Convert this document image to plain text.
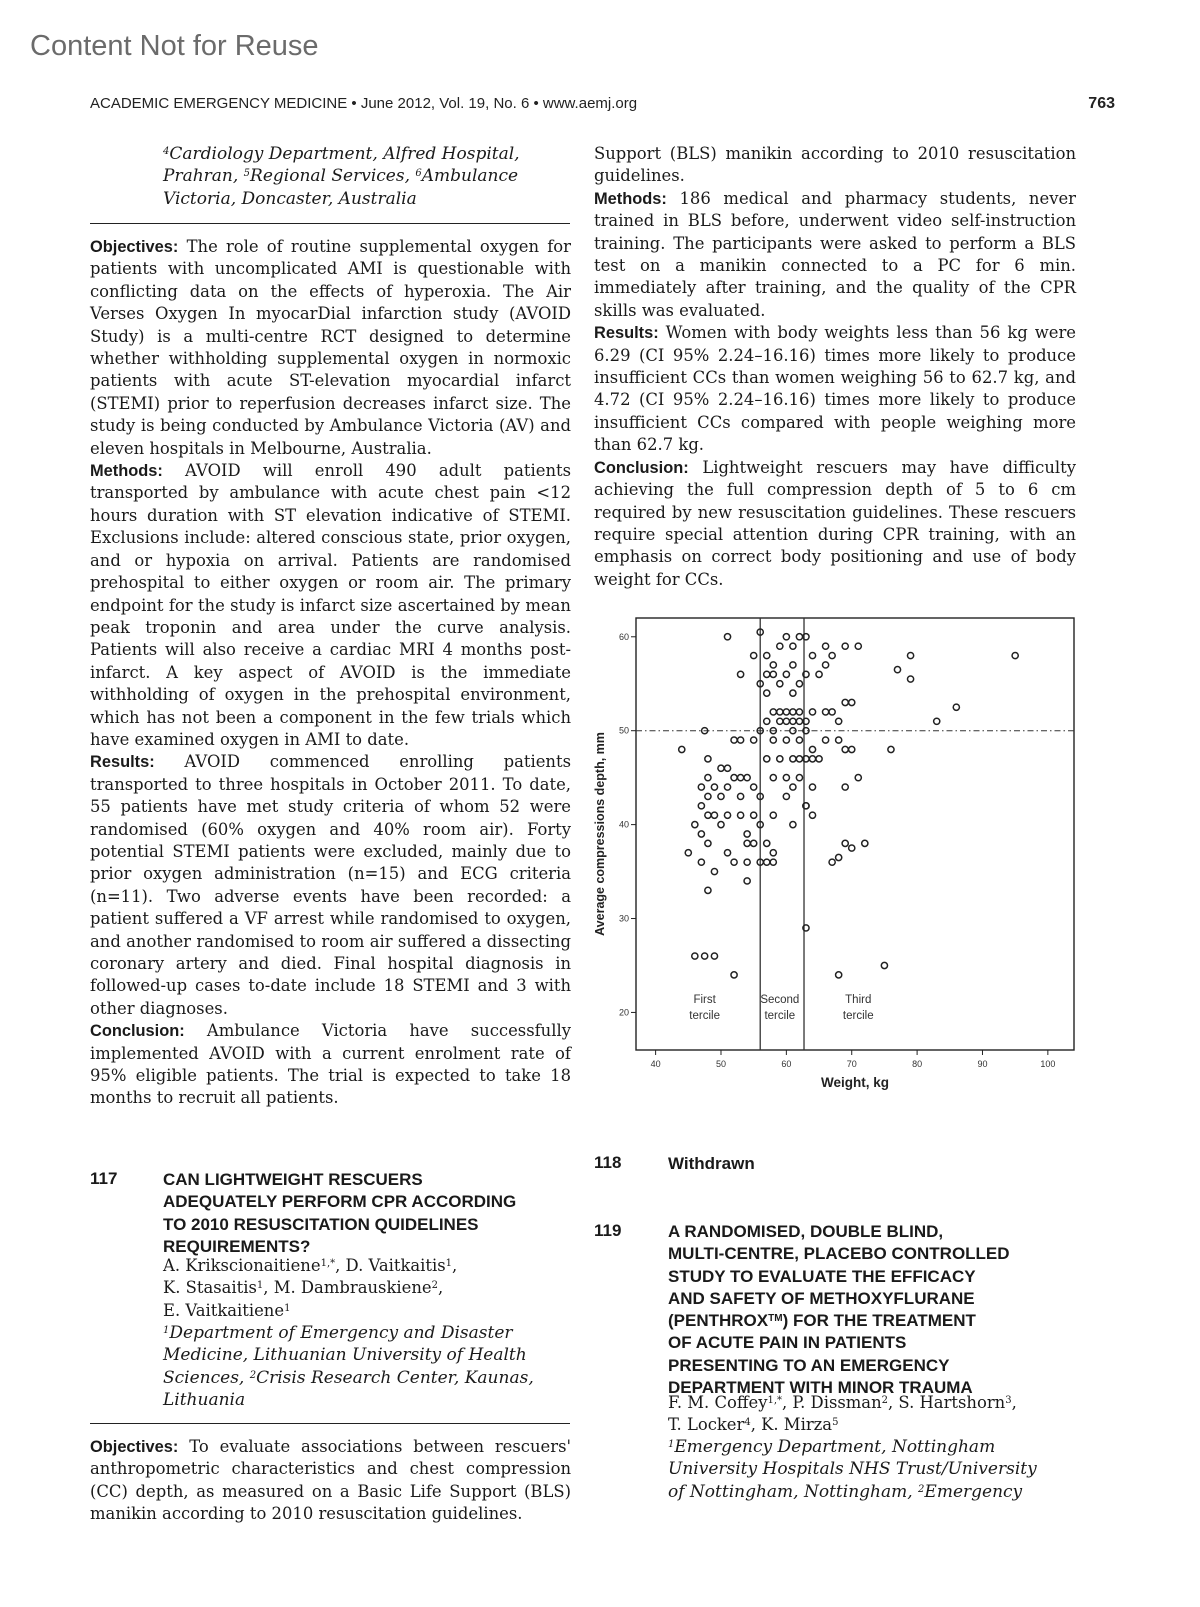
Content Not for Reuse
ACADEMIC EMERGENCY MEDICINE • June 2012, Vol. 19, No. 6 • www.aemj.org	763
$^4$Cardiology Department, Alfred Hospital,
Prahran, $^5$Regional Services, $^6$Ambulance
Victoria, Doncaster, Australia

Objectives: The role of routine supplemental oxygen for patients with uncomplicated AMI is questionable with conflicting data on the effects of hyperoxia. The Air Verses Oxygen In myocarDial infarction study (AVOID Study) is a multi-centre RCT designed to determine whether withholding supplemental oxygen in normoxic patients with acute ST-elevation myocardial infarct (STEMI) prior to reperfusion decreases infarct size. The study is being conducted by Ambulance Victoria (AV) and eleven hospitals in Melbourne, Australia.

Methods: AVOID will enroll 490 adult patients transported by ambulance with acute chest pain <12 hours duration with ST elevation indicative of STEMI. Exclusions include: altered conscious state, prior oxygen, and or hypoxia on arrival. Patients are randomised prehospital to either oxygen or room air. The primary endpoint for the study is infarct size ascertained by mean peak troponin and area under the curve analysis. Patients will also receive a cardiac MRI 4 months post-infarct. A key aspect of AVOID is the immediate withholding of oxygen in the prehospital environment, which has not been a component in the few trials which have examined oxygen in AMI to date.

Results: AVOID commenced enrolling patients transported to three hospitals in October 2011. To date, 55 patients have met study criteria of whom 52 were randomised (60% oxygen and 40% room air). Forty potential STEMI patients were excluded, mainly due to prior oxygen administration (n=15) and ECG criteria (n=11). Two adverse events have been recorded: a patient suffered a VF arrest while randomised to oxygen, and another randomised to room air suffered a dissecting coronary artery and died. Final hospital diagnosis in followed-up cases to-date include 18 STEMI and 3 with other diagnoses.

Conclusion: Ambulance Victoria have successfully implemented AVOID with a current enrolment rate of 95% eligible patients. The trial is expected to take 18 months to recruit all patients.

117	CAN LIGHTWEIGHT RESCUERS
ADEQUATELY PERFORM CPR ACCORDING
TO 2010 RESUSCITATION QUIDELINES
REQUIREMENTS?
A. Krikscionaitiene$^{1,*}$, D. Vaitkaitis$^1$,
K. Stasaitis$^1$, M. Dambrauskiene$^2$,
E. Vaitkaitiene$^1$
$^1$Department of Emergency and Disaster
Medicine, Lithuanian University of Health
Sciences, $^2$Crisis Research Center, Kaunas,
Lithuania

Objectives: To evaluate associations between rescuers' anthropometric characteristics and chest compression (CC) depth, as measured on a Basic Life Support (BLS) manikin according to 2010 resuscitation guidelines.

Support (BLS) manikin according to 2010 resuscitation guidelines.

Methods: 186 medical and pharmacy students, never trained in BLS before, underwent video self-instruction training. The participants were asked to perform a BLS test on a manikin connected to a PC for 6 min. immediately after training, and the quality of the CPR skills was evaluated.

Results: Women with body weights less than 56 kg were 6.29 (CI 95% 2.24–16.16) times more likely to produce insufficient CCs than women weighing 56 to 62.7 kg, and 4.72 (CI 95% 2.24–16.16) times more likely to produce insufficient CCs compared with people weighing more than 62.7 kg.

Conclusion: Lightweight rescuers may have difficulty achieving the full compression depth of 5 to 6 cm required by new resuscitation guidelines. These rescuers require special attention during CPR training, with an emphasis on correct body positioning and use of body weight for CCs.

40	50	60	70	80	90	100
20
30
40
50
60
First
tercile
Second
tercile
Third
tercile
Weight, kg
Average compressions depth, mm
118	Withdrawn
119	A RANDOMISED, DOUBLE BLIND,
MULTI-CENTRE, PLACEBO CONTROLLED
STUDY TO EVALUATE THE EFFICACY
AND SAFETY OF METHOXYFLURANE
(PENTHROX™) FOR THE TREATMENT
OF ACUTE PAIN IN PATIENTS
PRESENTING TO AN EMERGENCY
DEPARTMENT WITH MINOR TRAUMA
F. M. Coffey$^{1,*}$, P. Dissman$^2$, S. Hartshorn$^3$,
T. Locker$^4$, K. Mirza$^5$
$^1$Emergency Department, Nottingham
University Hospitals NHS Trust/University
of Nottingham, Nottingham, $^2$Emergency
